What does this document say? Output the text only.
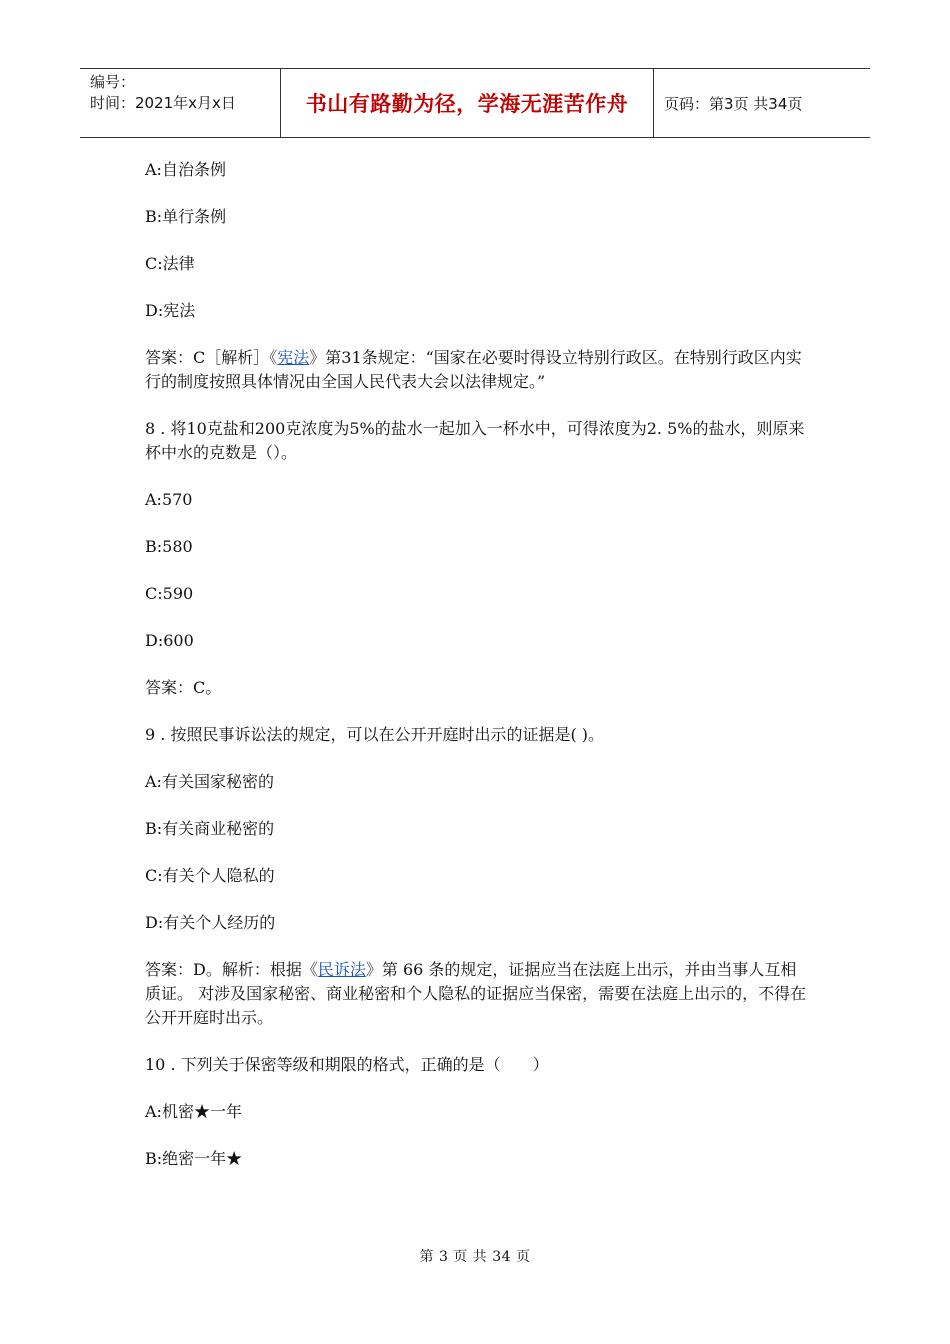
编号：
时间：2021年x月x日	书山有路勤为径，学海无涯苦作舟	页码：第3页 共34页
A:自治条例
B:单行条例
C:法律
D:宪法
答案：C［解析］《宪法》第31条规定：“国家在必要时得设立特别行政区。在特别行政区内实行的制度按照具体情况由全国人民代表大会以法律规定。”
8 . 将10克盐和200克浓度为5%的盐水一起加入一杯水中，可得浓度为2. 5%的盐水，则原来杯中水的克数是（）。
A:570
B:580
C:590
D:600
答案：C。
9 . 按照民事诉讼法的规定，可以在公开开庭时出示的证据是( )。
A:有关国家秘密的
B:有关商业秘密的
C:有关个人隐私的
D:有关个人经历的
答案：D。解析：根据《民诉法》第 66 条的规定，证据应当在法庭上出示，并由当事人互相质证。 对涉及国家秘密、商业秘密和个人隐私的证据应当保密，需要在法庭上出示的，不得在公开开庭时出示。
10 . 下列关于保密等级和期限的格式，正确的是（　　）
A:机密★一年
B:绝密一年★
第 3 页 共 34 页
